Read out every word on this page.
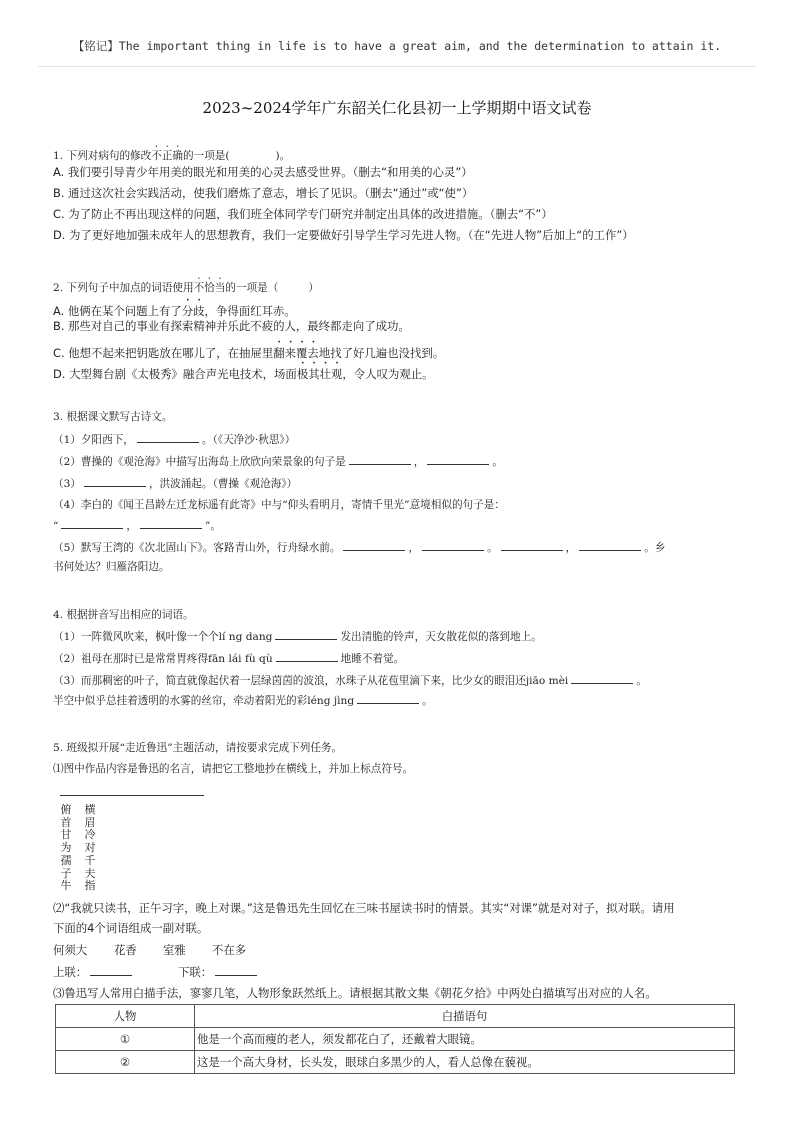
【铭记】The important thing in life is to have a great aim, and the determination to attain it.
2023~2024学年广东韶关仁化县初一上学期期中语文试卷
1. 下列对病句的修改不正确的一项是(	)。
A. 我们要引导青少年用美的眼光和用美的心灵去感受世界。（删去“和用美的心灵”）
B. 通过这次社会实践活动，使我们磨炼了意志，增长了见识。（删去“通过”或“使”）
C. 为了防止不再出现这样的问题，我们班全体同学专门研究并制定出具体的改进措施。（删去“不”）
D. 为了更好地加强未成年人的思想教育，我们一定要做好引导学生学习先进人物。（在“先进人物”后加上“的工作”）
2. 下列句子中加点的词语使用不恰当的一项是（	）
A. 他俩在某个问题上有了分歧，争得面红耳赤。
B. 那些对自己的事业有探索精神并乐此不疲的人，最终都走向了成功。
C. 他想不起来把钥匙放在哪儿了，在抽屉里翻来覆去地找了好几遍也没找到。
D. 大型舞台剧《太极秀》融合声光电技术，场面极其壮观，令人叹为观止。
3. 根据课文默写古诗文。
（1）夕阳西下，	。（《天净沙·秋思》）
（2）曹操的《观沧海》中描写出海岛上欣欣向荣景象的句子是	，	。
（3）	，洪波涌起。（曹操《观沧海》）
（4）李白的《闻王昌龄左迁龙标遥有此寄》中与“仰头看明月，寄情千里光”意境相似的句子是：
“	，	”。
（5）默写王湾的《次北固山下》。客路青山外，行舟绿水前。	，	。	，	。乡
书何处达？归雁洛阳边。
4. 根据拼音写出相应的词语。
（1）一阵微风吹来，枫叶像一个个lí ng dang	发出清脆的铃声，天女散花似的落到地上。
（2）祖母在那时已是常常胃疼得fān lái fù qù	地睡不着觉。
（3）而那稠密的叶子，简直就像起伏着一层绿茵茵的波浪，水珠子从花苞里滴下来，比少女的眼泪还jiāo mèi	。
半空中似乎总挂着透明的水雾的丝帘，牵动着阳光的彩léng jìng	。
5. 班级拟开展“走近鲁迅”主题活动，请按要求完成下列任务。
⑴图中作品内容是鲁迅的名言，请把它工整地抄在横线上，并加上标点符号。
横
眉
冷
对
千
夫
指
俯
首
甘
为
孺
子
牛
⑵“我就只读书，正午习字，晚上对课。”这是鲁迅先生回忆在三味书屋读书时的情景。其实“对课”就是对对子，拟对联。请用
下面的4个词语组成一副对联。
何须大 花香 室雅 不在多
上联：	下联：
⑶鲁迅写人常用白描手法，寥寥几笔，人物形象跃然纸上。请根据其散文集《朝花夕拾》中两处白描填写出对应的人名。
人物	白描语句
①	他是一个高而瘦的老人，须发都花白了，还戴着大眼镜。
②	这是一个高大身材，长头发，眼球白多黑少的人，看人总像在藐视。
